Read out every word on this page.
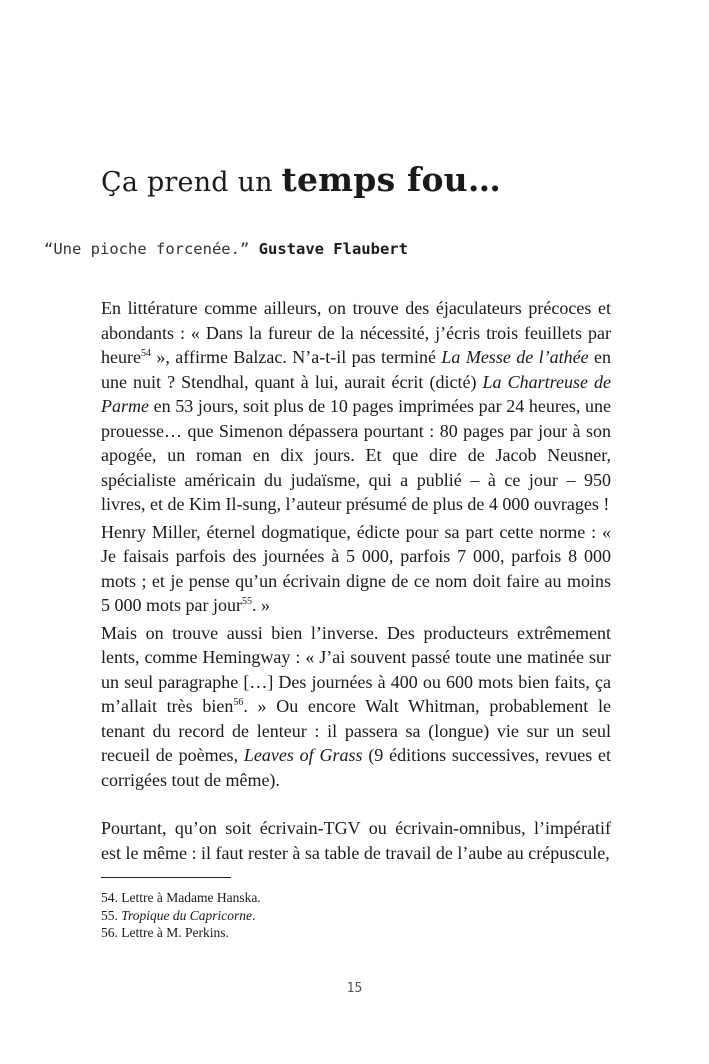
Ça prend un temps fou…
“Une pioche forcenée.” Gustave Flaubert

En littérature comme ailleurs, on trouve des éjaculateurs précoces et abondants : « Dans la fureur de la nécessité, j’écris trois feuillets par heure$^{54}$ », affirme Balzac. N’a-t-il pas terminé La Messe de l’athée en une nuit ? Stendhal, quant à lui, aurait écrit (dicté) La Chartreuse de Parme en 53 jours, soit plus de 10 pages imprimées par 24 heures, une prouesse… que Simenon dépassera pourtant : 80 pages par jour à son apogée, un roman en dix jours. Et que dire de Jacob Neusner, spécialiste américain du judaïsme, qui a publié – à ce jour – 950 livres, et de Kim Il-sung, l’auteur présumé de plus de 4 000 ouvrages !

Henry Miller, éternel dogmatique, édicte pour sa part cette norme : « Je faisais parfois des journées à 5 000, parfois 7 000, parfois 8 000 mots ; et je pense qu’un écrivain digne de ce nom doit faire au moins 5 000 mots par jour$^{55}$. »

Mais on trouve aussi bien l’inverse. Des producteurs extrêmement lents, comme Hemingway : « J’ai souvent passé toute une matinée sur un seul paragraphe […] Des journées à 400 ou 600 mots bien faits, ça m’allait très bien$^{56}$. » Ou encore Walt Whitman, probablement le tenant du record de lenteur : il passera sa (longue) vie sur un seul recueil de poèmes, Leaves of Grass (9 éditions successives, revues et corrigées tout de même).

Pourtant, qu’on soit écrivain-TGV ou écrivain-omnibus, l’impératif est le même : il faut rester à sa table de travail de l’aube au crépuscule,

54. Lettre à Madame Hanska.
55. Tropique du Capricorne.
56. Lettre à M. Perkins.
15
